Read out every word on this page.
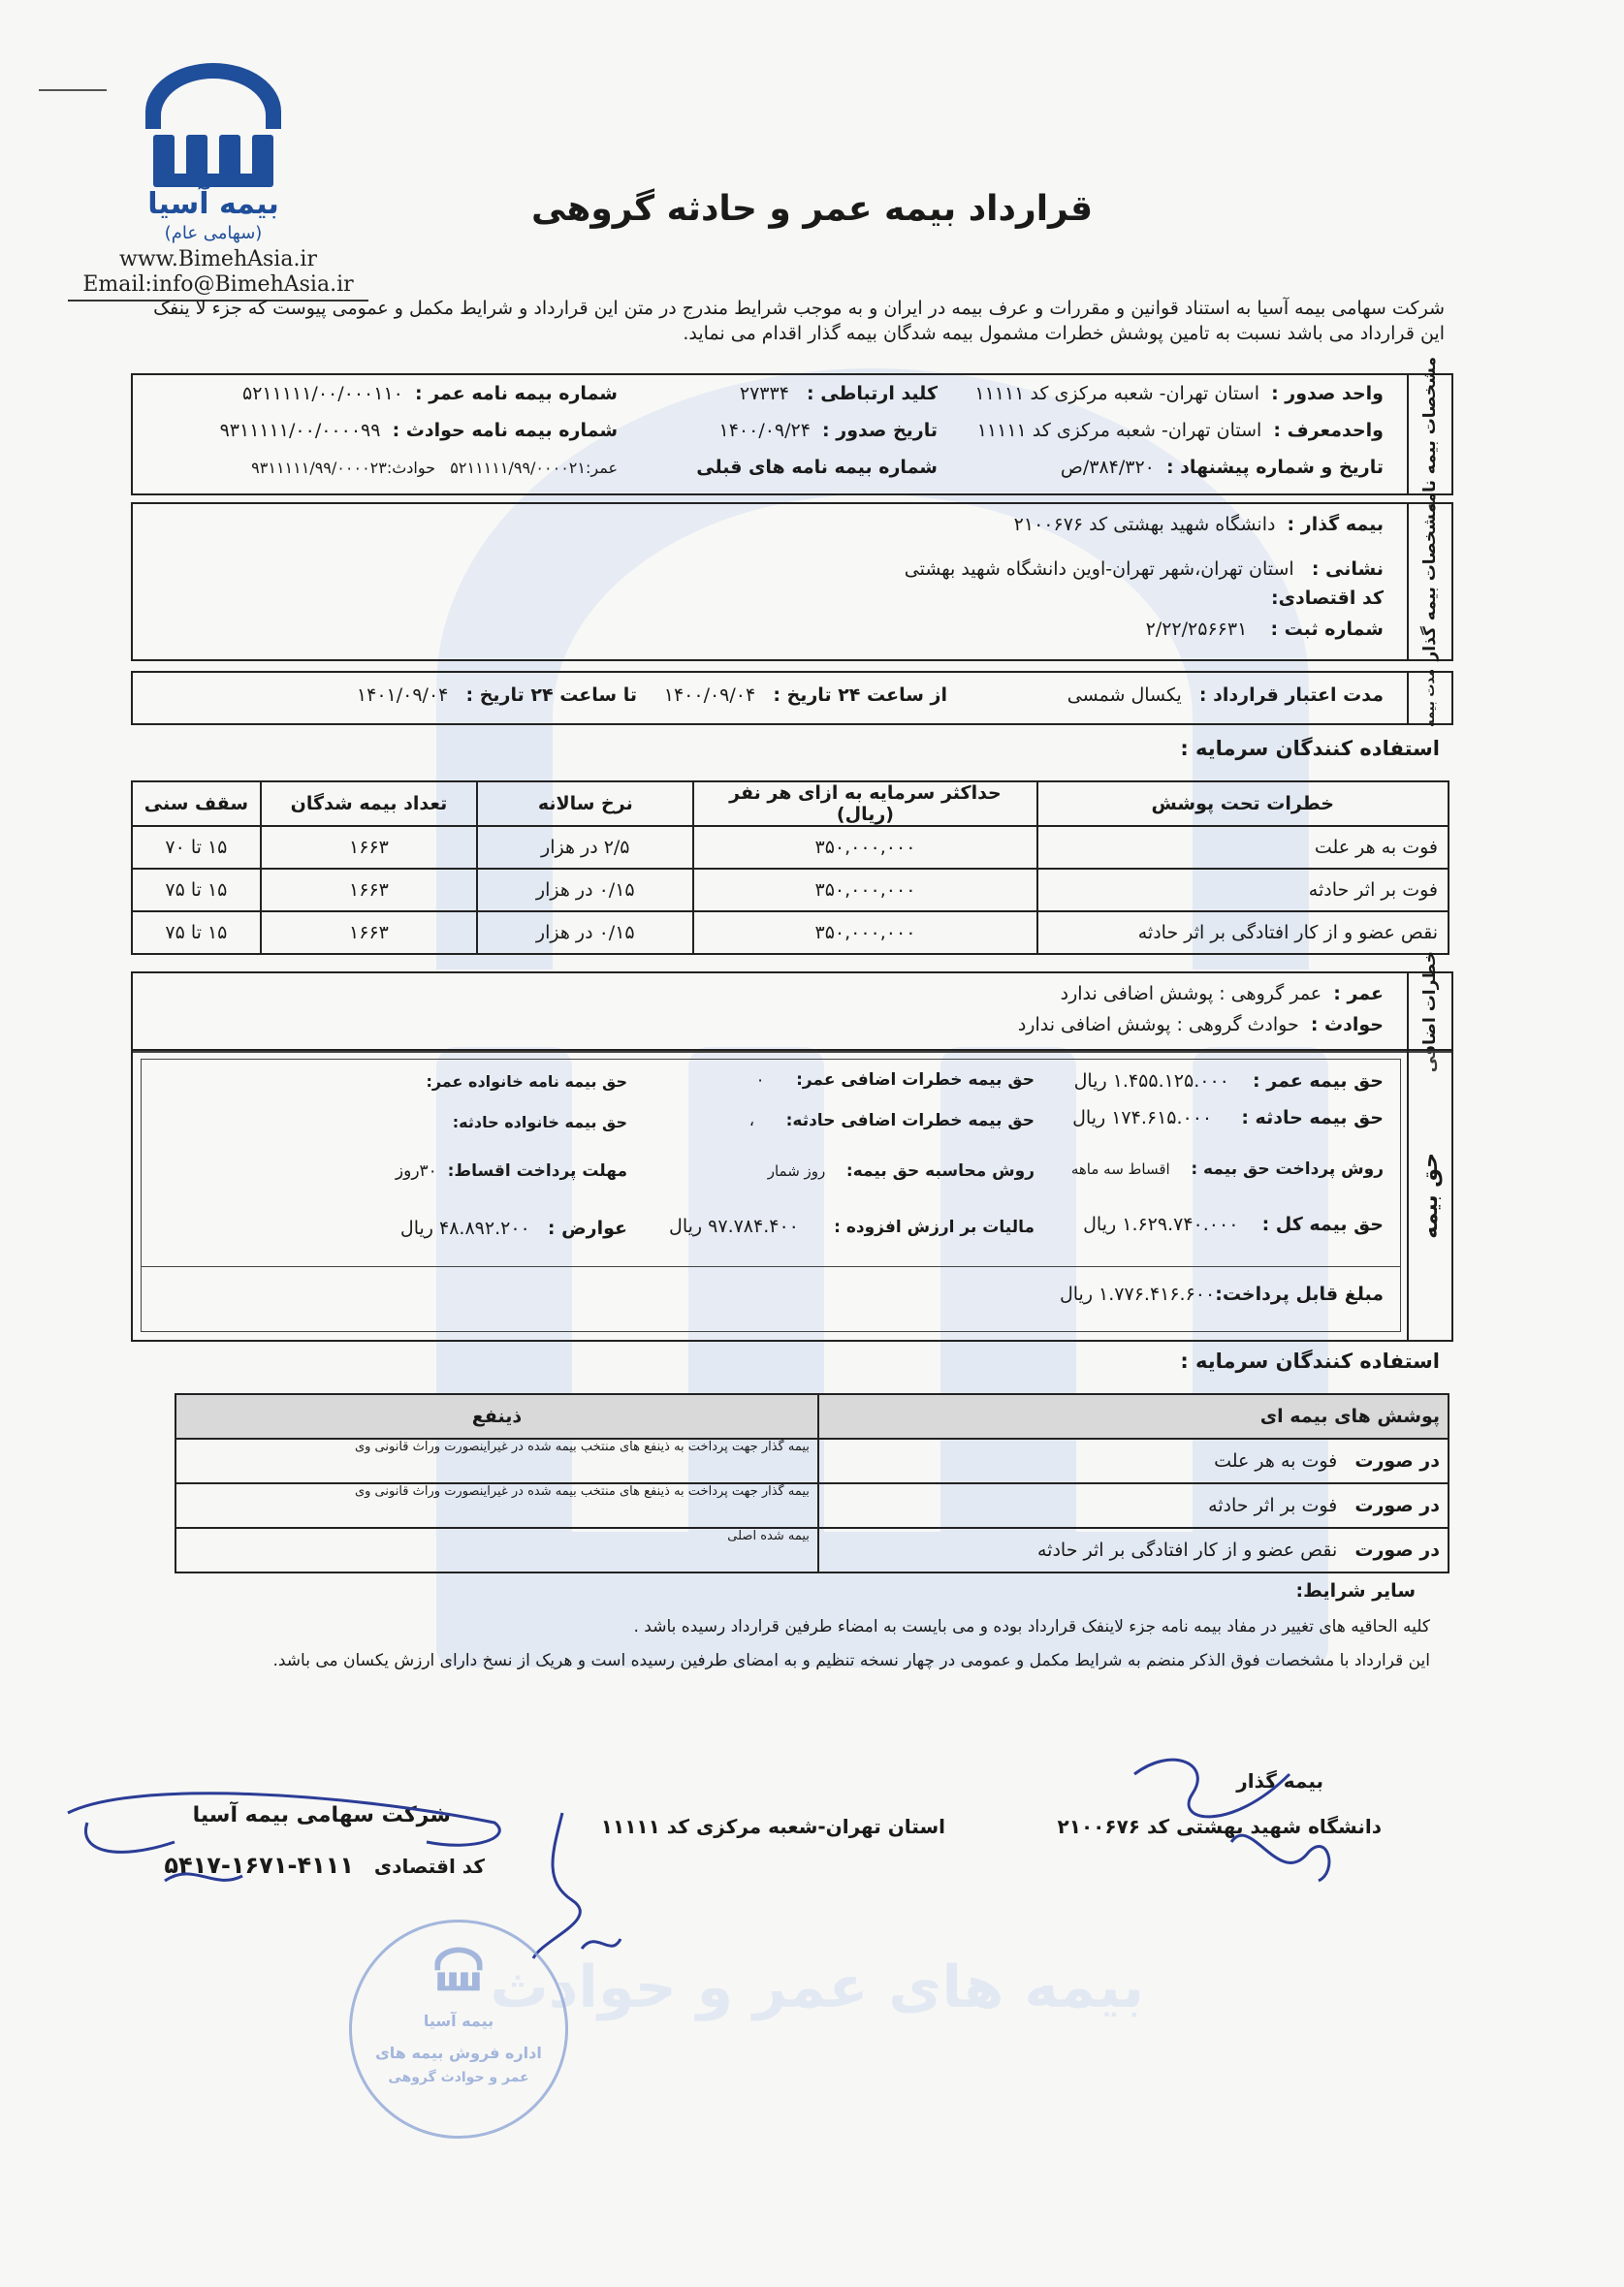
بیمه های عمر و حوادث
بیمه آسیا
(سهامی عام)
www.BimehAsia.ir
Email:info@BimehAsia.ir
قرارداد بیمه عمر و حادثه گروهی
شرکت سهامی بیمه آسیا به استناد قوانین و مقررات و عرف بیمه در ایران و به موجب شرایط مندرج در متن این قرارداد و شرایط مکمل و عمومی پیوست که جزء لا ینفک این قرارداد می باشد نسبت به تامین پوشش خطرات مشمول بیمه شدگان بیمه گذار اقدام می نماید.
مشخصات بیمه نامه
واحد صدور :  استان تهران- شعبه مرکزی کد ۱۱۱۱۱
واحدمعرف :  استان تهران- شعبه مرکزی کد ۱۱۱۱۱
تاریخ و شماره پیشنهاد :  ۳۸۴/۳۲۰/ص
کلید ارتباطی :   ۲۷۳۳۴
تاریخ صدور :  ۱۴۰۰/۰۹/۲۴
شماره بیمه نامه های قبلی
شماره بیمه نامه عمر :  ۵۲۱۱۱۱۱/۰۰/۰۰۰۱۱۰
شماره بیمه نامه حوادث :  ۹۳۱۱۱۱۱/۰۰/۰۰۰۰۹۹
عمر:۵۲۱۱۱۱۱/۹۹/۰۰۰۰۲۱   حوادث:۹۳۱۱۱۱۱/۹۹/۰۰۰۰۲۳
مشخصات بیمه گذار
بیمه گذار :  دانشگاه شهید بهشتی کد ۲۱۰۰۶۷۶
نشانی :   استان تهران،شهر تهران-اوین دانشگاه شهید بهشتی
کد اقتصادی:
شماره ثبت :    ۲/۲۲/۲۵۶۶۳۱
مدت بیمه
مدت اعتبار قرارداد :   یکسال شمسی
از ساعت ۲۴ تاریخ :   ۱۴۰۰/۰۹/۰۴
تا ساعت ۲۴ تاریخ :   ۱۴۰۱/۰۹/۰۴
استفاده کنندگان سرمایه :
خطرات تحت پوشش	حداکثر سرمایه به ازای هر نفر (ریال)	نرخ سالانه	تعداد بیمه شدگان	سقف سنی
فوت به هر علت	۳۵۰,۰۰۰,۰۰۰	۲/۵ در هزار	۱۶۶۳	۱۵ تا ۷۰
فوت بر اثر حادثه	۳۵۰,۰۰۰,۰۰۰	۰/۱۵ در هزار	۱۶۶۳	۱۵ تا ۷۵
نقص عضو و از کار افتادگی بر اثر حادثه	۳۵۰,۰۰۰,۰۰۰	۰/۱۵ در هزار	۱۶۶۳	۱۵ تا ۷۵
خطرات اضافی
عمر :  عمر گروهی : پوشش اضافی ندارد
حوادث :  حوادث گروهی : پوشش اضافی ندارد
حق بیمه
حق بیمه عمر :    ۱.۴۵۵.۱۲۵.۰۰۰ ریال
حق بیمه خطرات اضافی عمر:      ۰
حق بیمه نامه خانواده عمر:
حق بیمه حادثه :     ۱۷۴.۶۱۵.۰۰۰ ریال
حق بیمه خطرات اضافی حادثه:      ،
حق بیمه خانواده حادثه:
روش پرداخت حق بیمه :    اقساط سه ماهه
روش محاسبه حق بیمه:    روز شمار
مهلت پرداخت اقساط:  ۳۰روز
حق بیمه کل :    ۱.۶۲۹.۷۴۰.۰۰۰ ریال
مالیات بر ارزش افزوده :      ۹۷.۷۸۴.۴۰۰ ریال
عوارض :   ۴۸.۸۹۲.۲۰۰ ریال
مبلغ قابل پرداخت:۱.۷۷۶.۴۱۶.۶۰۰ ریال
استفاده کنندگان سرمایه :
پوشش های بیمه ای	ذینفع
در صورت   فوت به هر علت	بیمه گذار جهت پرداخت به ذینفع های منتخب بیمه شده در غیراینصورت وراث قانونی وی
در صورت   فوت بر اثر حادثه	بیمه گذار جهت پرداخت به ذینفع های منتخب بیمه شده در غیراینصورت وراث قانونی وی
در صورت   نقص عضو و از کار افتادگی بر اثر حادثه	بیمه شده اصلی
سایر شرایط:
کلیه الحاقیه های تغییر در مفاد بیمه نامه جزء لاینفک قرارداد بوده و می بایست به امضاء طرفین قرارداد رسیده باشد .
این قرارداد با مشخصات فوق الذکر منضم به شرایط مکمل و عمومی در چهار نسخه تنظیم و به امضای طرفین رسیده است و هریک از نسخ دارای ارزش یکسان می باشد.
بیمه گذار
دانشگاه شهید بهشتی کد ۲۱۰۰۶۷۶
استان تهران-شعبه مرکزی کد ۱۱۱۱۱
شرکت سهامی بیمه آسیا
کد اقتصادی   ۴۱۱۱-۱۶۷۱-۵۴۱۷
بیمه آسیا
اداره فروش بیمه های
عمر و حوادث گروهی
